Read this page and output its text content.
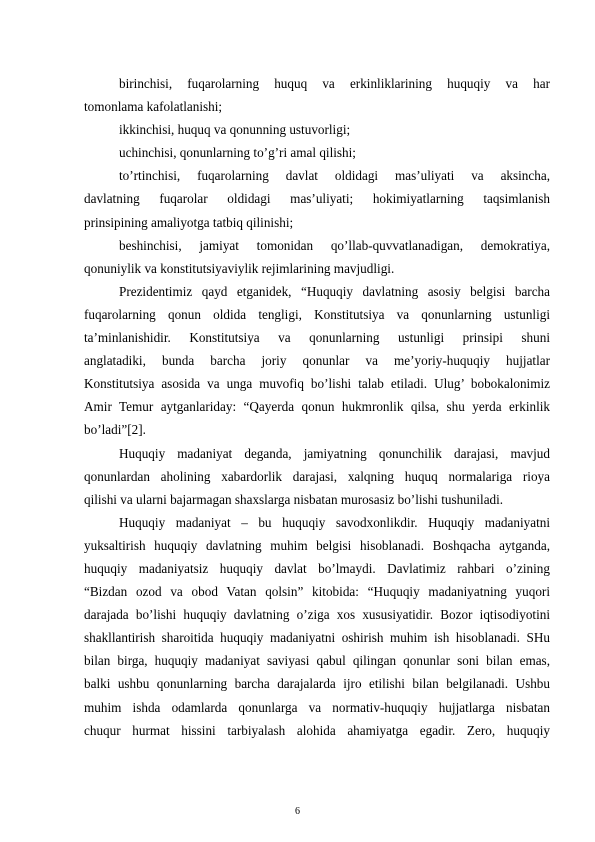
birinchisi, fuqarolarning huquq va erkinliklarining huquqiy va har
tomonlama kafolatlanishi;
ikkinchisi, huquq va qonunning ustuvorligi;
uchinchisi, qonunlarning to’g’ri amal qilishi;
to’rtinchisi, fuqarolarning davlat oldidagi mas’uliyati va aksincha,
davlatning fuqarolar oldidagi mas’uliyati; hokimiyatlarning taqsimlanish
prinsipining amaliyotga tatbiq qilinishi;
beshinchisi, jamiyat tomonidan qo’llab-quvvatlanadigan, demokratiya,
qonuniylik va konstitutsiyaviylik rejimlarining mavjudligi.
Prezidentimiz qayd etganidek, “Huquqiy davlatning asosiy belgisi barcha
fuqarolarning qonun oldida tengligi, Konstitutsiya va qonunlarning ustunligi
ta’minlanishidir. Konstitutsiya va qonunlarning ustunligi prinsipi shuni
anglatadiki, bunda barcha joriy qonunlar va me’yoriy-huquqiy hujjatlar
Konstitutsiya asosida va unga muvofiq bo’lishi talab etiladi. Ulug’ bobokalonimiz
Amir Temur aytganlariday: “Qayerda qonun hukmronlik qilsa, shu yerda erkinlik
bo’ladi”[2].
Huquqiy madaniyat deganda, jamiyatning qonunchilik darajasi, mavjud
qonunlardan aholining xabardorlik darajasi, xalqning huquq normalariga rioya
qilishi va ularni bajarmagan shaxslarga nisbatan murosasiz bo’lishi tushuniladi.
Huquqiy madaniyat – bu huquqiy savodxonlikdir. Huquqiy madaniyatni
yuksaltirish huquqiy davlatning muhim belgisi hisoblanadi. Boshqacha aytganda,
huquqiy madaniyatsiz huquqiy davlat bo’lmaydi. Davlatimiz rahbari o’zining
“Bizdan ozod va obod Vatan qolsin” kitobida: “Huquqiy madaniyatning yuqori
darajada bo’lishi huquqiy davlatning o’ziga xos xususiyatidir. Bozor iqtisodiyotini
shakllantirish sharoitida huquqiy madaniyatni oshirish muhim ish hisoblanadi. SHu
bilan birga, huquqiy madaniyat saviyasi qabul qilingan qonunlar soni bilan emas,
balki ushbu qonunlarning barcha darajalarda ijro etilishi bilan belgilanadi. Ushbu
muhim ishda odamlarda qonunlarga va normativ-huquqiy hujjatlarga nisbatan
chuqur hurmat hissini tarbiyalash alohida ahamiyatga egadir. Zero, huquqiy
6
